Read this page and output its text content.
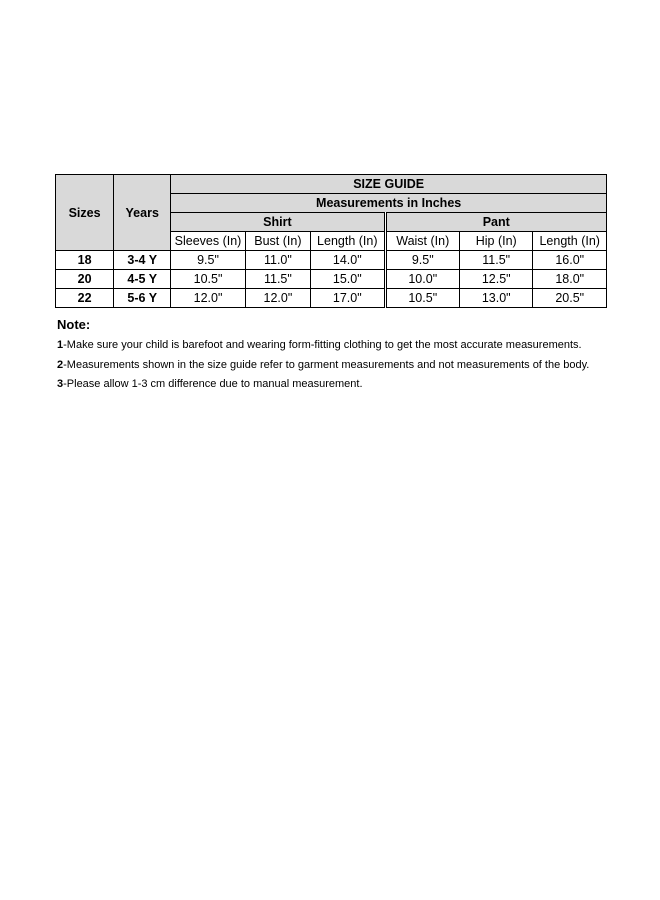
Sizes	Years	SIZE GUIDE					
		Measurements in Inches					
		Shirt			Pant		
		Sleeves (In)	Bust (In)	Length (In)	Waist (In)	Hip (In)	Length (In)
18	3-4 Y	9.5"	11.0"	14.0"	9.5"	11.5"	16.0"
20	4-5 Y	10.5"	11.5"	15.0"	10.0"	12.5"	18.0"
22	5-6 Y	12.0"	12.0"	17.0"	10.5"	13.0"	20.5"
Note:
1-Make sure your child is barefoot and wearing form-fitting clothing to get the most accurate measurements.
2-Measurements shown in the size guide refer to garment measurements and not measurements of the body.
3-Please allow 1-3 cm difference due to manual measurement.
